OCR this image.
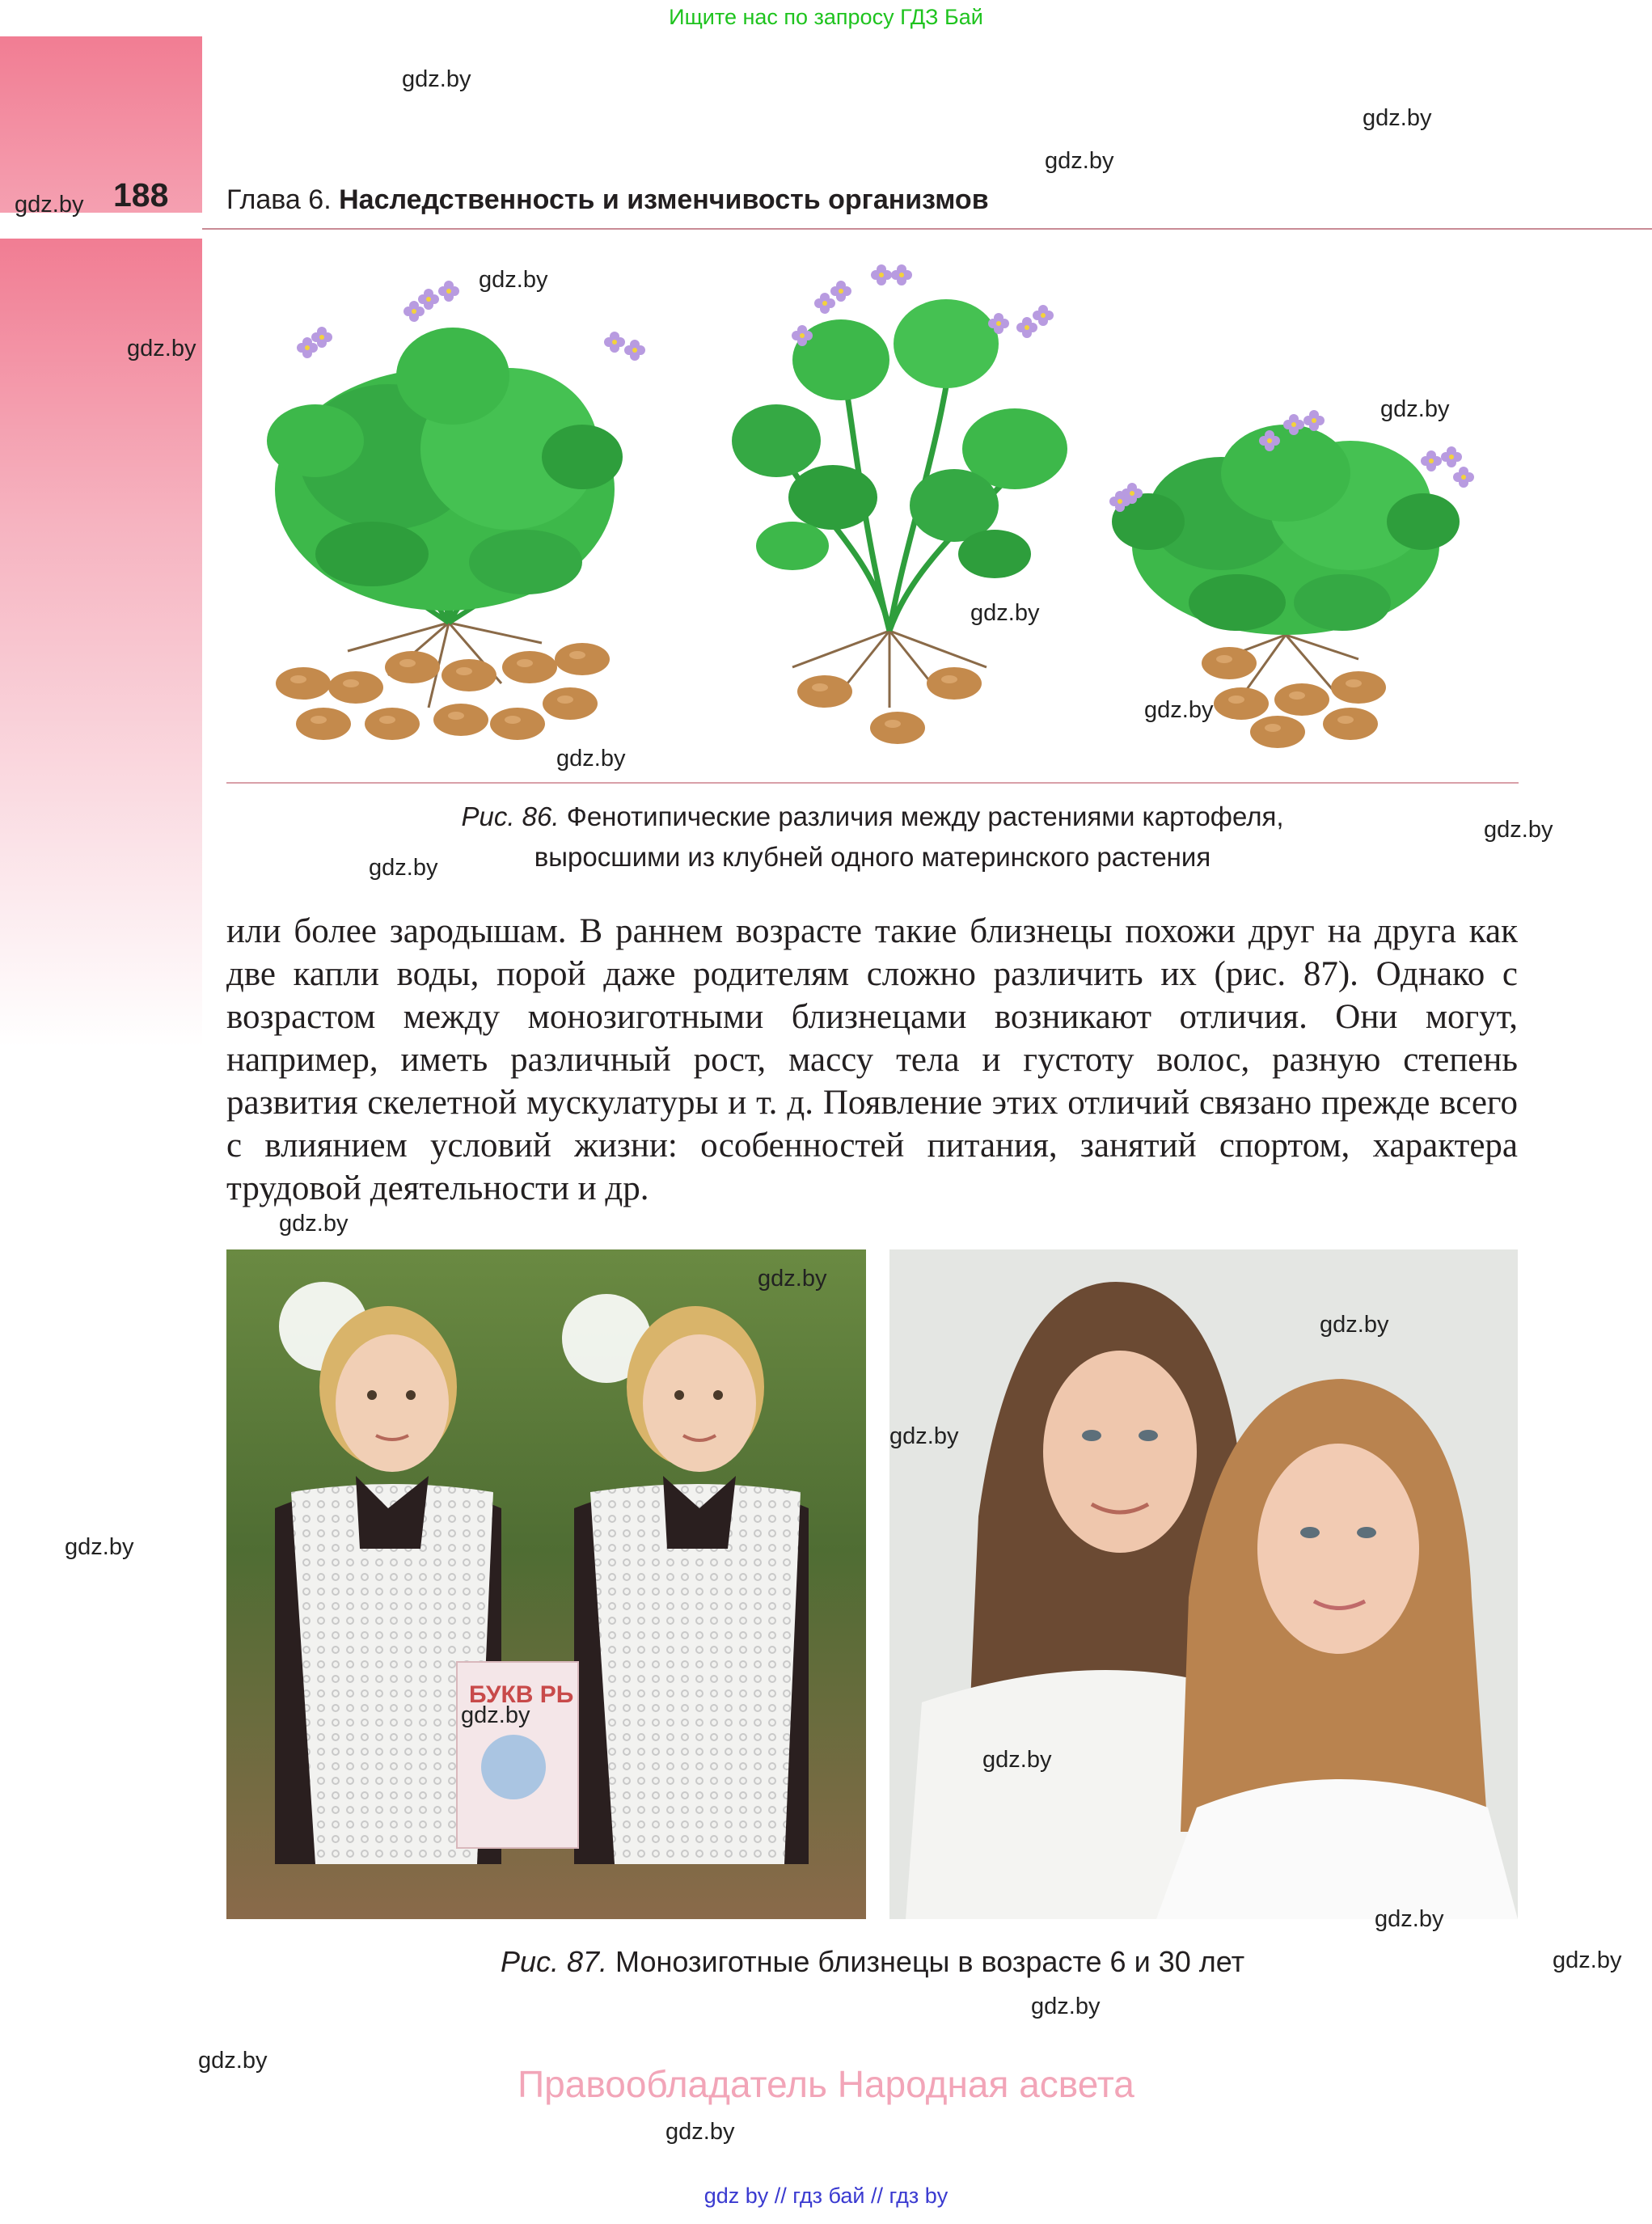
Ищите нас по запросу ГДЗ Бай
188 Глава 6. Наследственность и изменчивость организмов
Рис. 86. Фенотипические различия между растениями картофеля,
выросшими из клубней одного материнского растения
или более зародышам. В раннем возрасте такие близнецы похожи друг на друга как две капли воды, порой даже родителям сложно различить их (рис. 87). Однако с возрастом между монозиготными близнецами возникают отличия. Они могут, например, иметь различный рост, массу тела и густоту волос, разную степень развития скелетной мускулатуры и т. д. Появление этих отличий связано прежде всего с влиянием условий жизни: особенностей питания, занятий спортом, характера трудовой деятельности и др.
БУКВ РЬ
Рис. 87. Монозиготные близнецы в возрасте 6 и 30 лет
Правообладатель Народная асвета
gdz by // гдз бай // гдз by
gdz.by
gdz.by
gdz.by
gdz.by
gdz.by
gdz.by
gdz.by
gdz.by
gdz.by
gdz.by
gdz.by
gdz.by
gdz.by
gdz.by
gdz.by
gdz.by
gdz.by
gdz.by
gdz.by
gdz.by
gdz.by
gdz.by
gdz.by
gdz.by
